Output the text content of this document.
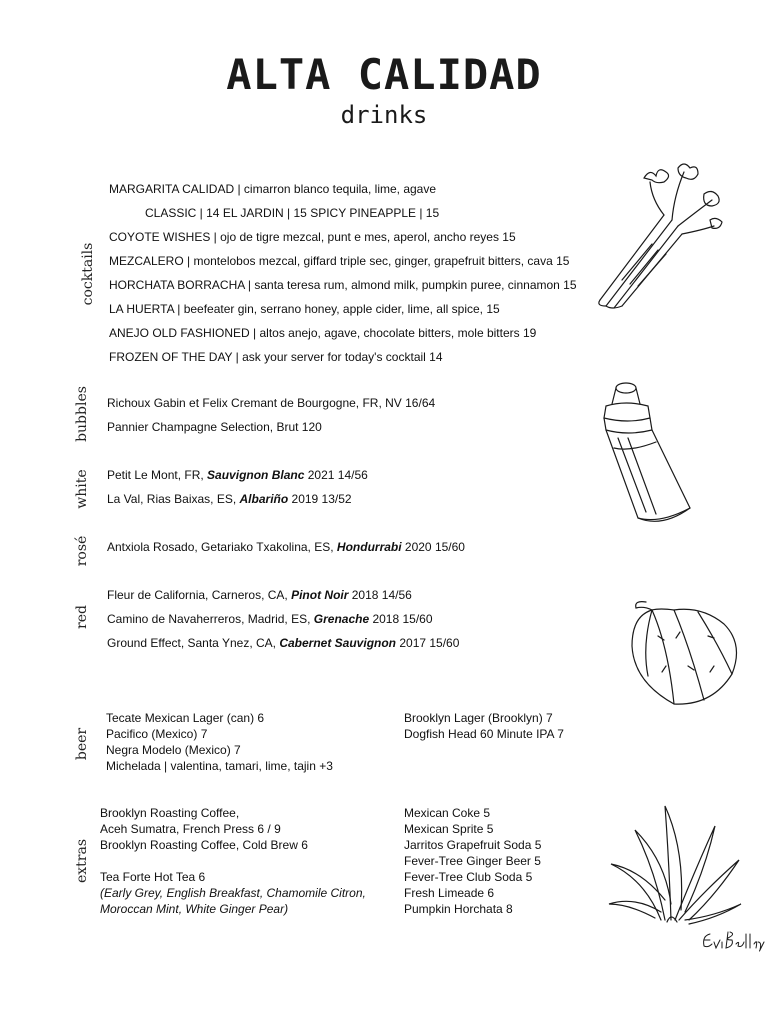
ALTA CALIDAD
drinks
cocktails
MARGARITA CALIDAD | cimarron blanco tequila, lime, agave
CLASSIC | 14 EL JARDIN | 15 SPICY PINEAPPLE | 15
COYOTE WISHES | ojo de tigre mezcal, punt e mes, aperol, ancho reyes 15
MEZCALERO | montelobos mezcal, giffard triple sec, ginger, grapefruit bitters, cava 15
HORCHATA BORRACHA | santa teresa rum, almond milk, pumpkin puree, cinnamon 15
LA HUERTA | beefeater gin, serrano honey, apple cider, lime, all spice, 15
ANEJO OLD FASHIONED | altos anejo, agave, chocolate bitters, mole bitters 19
FROZEN OF THE DAY | ask your server for today's cocktail 14
bubbles Richoux Gabin et Felix Cremant de Bourgogne, FR, NV 16/64
Pannier Champagne Selection, Brut 120
white Petit Le Mont, FR, Sauvignon Blanc 2021 14/56
La Val, Rias Baixas, ES, Albariño 2019 13/52
rosé Antxiola Rosado, Getariako Txakolina, ES, Hondurrabi 2020 15/60
red
Fleur de California, Carneros, CA, Pinot Noir 2018 14/56
Camino de Navaherreros, Madrid, ES, Grenache 2018 15/60
Ground Effect, Santa Ynez, CA, Cabernet Sauvignon 2017 15/60
beer
Tecate Mexican Lager (can) 6
Pacifico (Mexico) 7
Negra Modelo (Mexico) 7
Michelada | valentina, tamari, lime, tajin +3
Brooklyn Lager (Brooklyn) 7
Dogfish Head 60 Minute IPA 7
extras
Brooklyn Roasting Coffee,
Aceh Sumatra, French Press 6 / 9
Brooklyn Roasting Coffee, Cold Brew 6
Tea Forte Hot Tea 6
(Early Grey, English Breakfast, Chamomile Citron,
Moroccan Mint, White Ginger Pear)
Mexican Coke 5
Mexican Sprite 5
Jarritos Grapefruit Soda 5
Fever-Tree Ginger Beer 5
Fever-Tree Club Soda 5
Fresh Limeade 6
Pumpkin Horchata 8
